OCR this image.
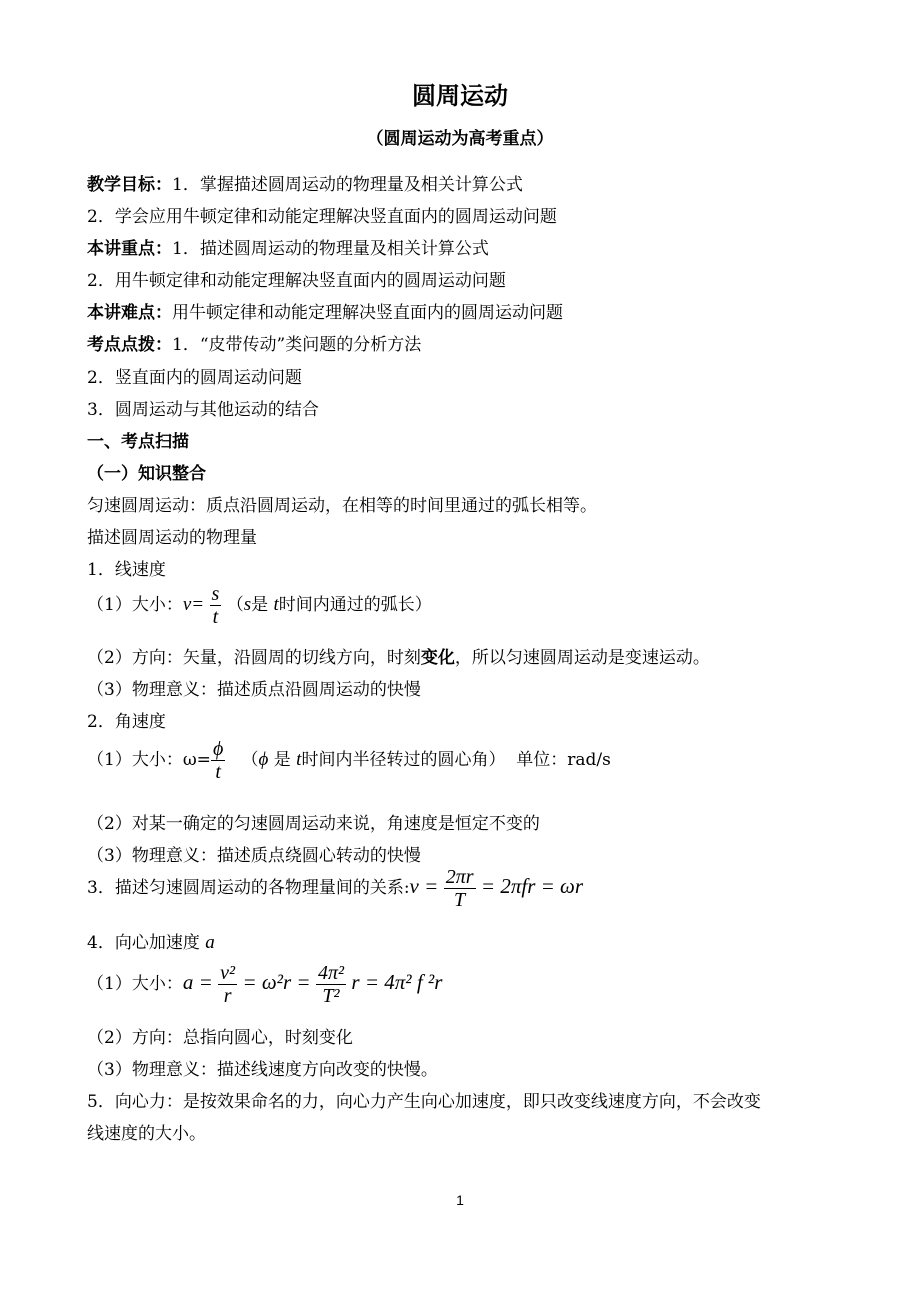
圆周运动
（圆周运动为高考重点）
教学目标：1．掌握描述圆周运动的物理量及相关计算公式
2．学会应用牛顿定律和动能定理解决竖直面内的圆周运动问题
本讲重点：1．描述圆周运动的物理量及相关计算公式
2．用牛顿定律和动能定理解决竖直面内的圆周运动问题
本讲难点：用牛顿定律和动能定理解决竖直面内的圆周运动问题
考点点拨：1．“皮带传动”类问题的分析方法
2．竖直面内的圆周运动问题
3．圆周运动与其他运动的结合
一、考点扫描
（一）知识整合
匀速圆周运动：质点沿圆周运动，在相等的时间里通过的弧长相等。
描述圆周运动的物理量
1．线速度
（1）大小：$v= \frac{s}{t} (s$是 t时间内通过的弧长）
（2）方向：矢量，沿圆周的切线方向，时刻变化，所以匀速圆周运动是变速运动。
（3）物理意义：描述质点沿圆周运动的快慢
2．角速度
（1）大小：$\omega= \frac{\phi}{t} (\phi$ 是 t时间内半径转过的圆心角） 单位：rad/s
（2）对某一确定的匀速圆周运动来说，角速度是恒定不变的
（3）物理意义：描述质点绕圆心转动的快慢
3．描述匀速圆周运动的各物理量间的关系:v = $\frac{2\pi r}{T} = 2\pi fr = \omega r$
4．向心加速度 a
（1）大小：$a = \frac{\text{v²}}{r} = \omega^2r = \frac{\text{4π²}}{\text{T²}}$ r = 4π² f ²r
（2）方向：总指向圆心，时刻变化
（3）物理意义：描述线速度方向改变的快慢。
5．向心力：是按效果命名的力，向心力产生向心加速度，即只改变线速度方向，不会改变
线速度的大小。
1
